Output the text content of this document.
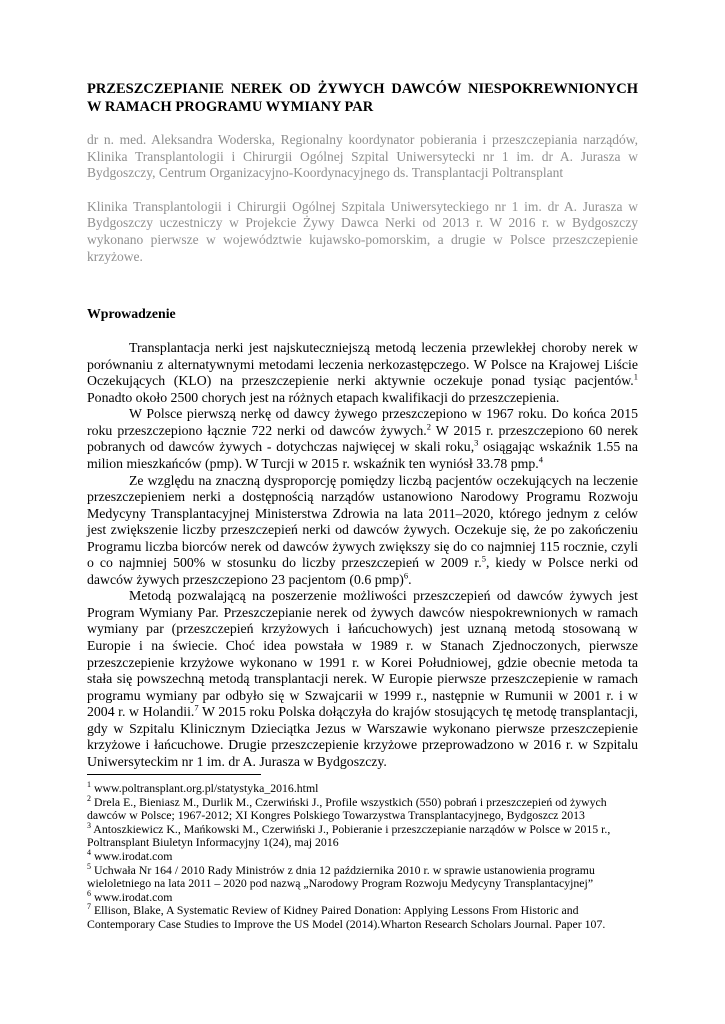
PRZESZCZEPIANIE NEREK OD ŻYWYCH DAWCÓW NIESPOKREWNIONYCH W RAMACH PROGRAMU WYMIANY PAR

dr n. med. Aleksandra Woderska, Regionalny koordynator pobierania i przeszczepiania narządów, Klinika Transplantologii i Chirurgii Ogólnej Szpital Uniwersytecki nr 1 im. dr A. Jurasza w Bydgoszczy, Centrum Organizacyjno-Koordynacyjnego ds. Transplantacji Poltransplant

Klinika Transplantologii i Chirurgii Ogólnej Szpitala Uniwersyteckiego nr 1 im. dr A. Jurasza w Bydgoszczy uczestniczy w Projekcie Żywy Dawca Nerki od 2013 r. W 2016 r. w Bydgoszczy wykonano pierwsze w województwie kujawsko-pomorskim, a drugie w Polsce przeszczepienie krzyżowe.

Wprowadzenie

Transplantacja nerki jest najskuteczniejszą metodą leczenia przewlekłej choroby nerek w porównaniu z alternatywnymi metodami leczenia nerkozastępczego. W Polsce na Krajowej Liście Oczekujących (KLO) na przeszczepienie nerki aktywnie oczekuje ponad tysiąc pacjentów.$^1$ Ponadto około 2500 chorych jest na różnych etapach kwalifikacji do przeszczepienia.

W Polsce pierwszą nerkę od dawcy żywego przeszczepiono w 1967 roku. Do końca 2015 roku przeszczepiono łącznie 722 nerki od dawców żywych.$^2$ W 2015 r. przeszczepiono 60 nerek pobranych od dawców żywych - dotychczas najwięcej w skali roku,$^3$ osiągając wskaźnik 1.55 na milion mieszkańców (pmp). W Turcji w 2015 r. wskaźnik ten wyniósł 33.78 pmp.$^4$

Ze względu na znaczną dysproporcję pomiędzy liczbą pacjentów oczekujących na leczenie przeszczepieniem nerki a dostępnością narządów ustanowiono Narodowy Programu Rozwoju Medycyny Transplantacyjnej Ministerstwa Zdrowia na lata 2011–2020, którego jednym z celów jest zwiększenie liczby przeszczepień nerki od dawców żywych. Oczekuje się, że po zakończeniu Programu liczba biorców nerek od dawców żywych zwiększy się do co najmniej 115 rocznie, czyli o co najmniej 500% w stosunku do liczby przeszczepień w 2009 r.$^5$, kiedy w Polsce nerki od dawców żywych przeszczepiono 23 pacjentom (0.6 pmp)$^6$.

Metodą pozwalającą na poszerzenie możliwości przeszczepień od dawców żywych jest Program Wymiany Par. Przeszczepianie nerek od żywych dawców niespokrewnionych w ramach wymiany par (przeszczepień krzyżowych i łańcuchowych) jest uznaną metodą stosowaną w Europie i na świecie. Choć idea powstała w 1989 r. w Stanach Zjednoczonych, pierwsze przeszczepienie krzyżowe wykonano w 1991 r. w Korei Południowej, gdzie obecnie metoda ta stała się powszechną metodą transplantacji nerek. W Europie pierwsze przeszczepienie w ramach programu wymiany par odbyło się w Szwajcarii w 1999 r., następnie w Rumunii w 2001 r. i w 2004 r. w Holandii.$^7$ W 2015 roku Polska dołączyła do krajów stosujących tę metodę transplantacji, gdy w Szpitalu Klinicznym Dzieciątka Jezus w Warszawie wykonano pierwsze przeszczepienie krzyżowe i łańcuchowe. Drugie przeszczepienie krzyżowe przeprowadzono w 2016 r. w Szpitalu Uniwersyteckim nr 1 im. dr A. Jurasza w Bydgoszczy.

$^1$ www.poltransplant.org.pl/statystyka_2016.html

$^2$ Drela E., Bieniasz M., Durlik M., Czerwiński J., Profile wszystkich (550) pobrań i przeszczepień od żywych dawców w Polsce; 1967-2012; XI Kongres Polskiego Towarzystwa Transplantacyjnego, Bydgoszcz 2013

$^3$ Antoszkiewicz K., Mańkowski M., Czerwiński J., Pobieranie i przeszczepianie narządów w Polsce w 2015 r., Poltransplant Biuletyn Informacyjny 1(24), maj 2016

$^4$ www.irodat.com

$^5$ Uchwała Nr 164 / 2010 Rady Ministrów z dnia 12 października 2010 r. w sprawie ustanowienia programu wieloletniego na lata 2011 – 2020 pod nazwą „Narodowy Program Rozwoju Medycyny Transplantacyjnej”

$^6$ www.irodat.com

$^7$ Ellison, Blake, A Systematic Review of Kidney Paired Donation: Applying Lessons From Historic and Contemporary Case Studies to Improve the US Model (2014).Wharton Research Scholars Journal. Paper 107.
